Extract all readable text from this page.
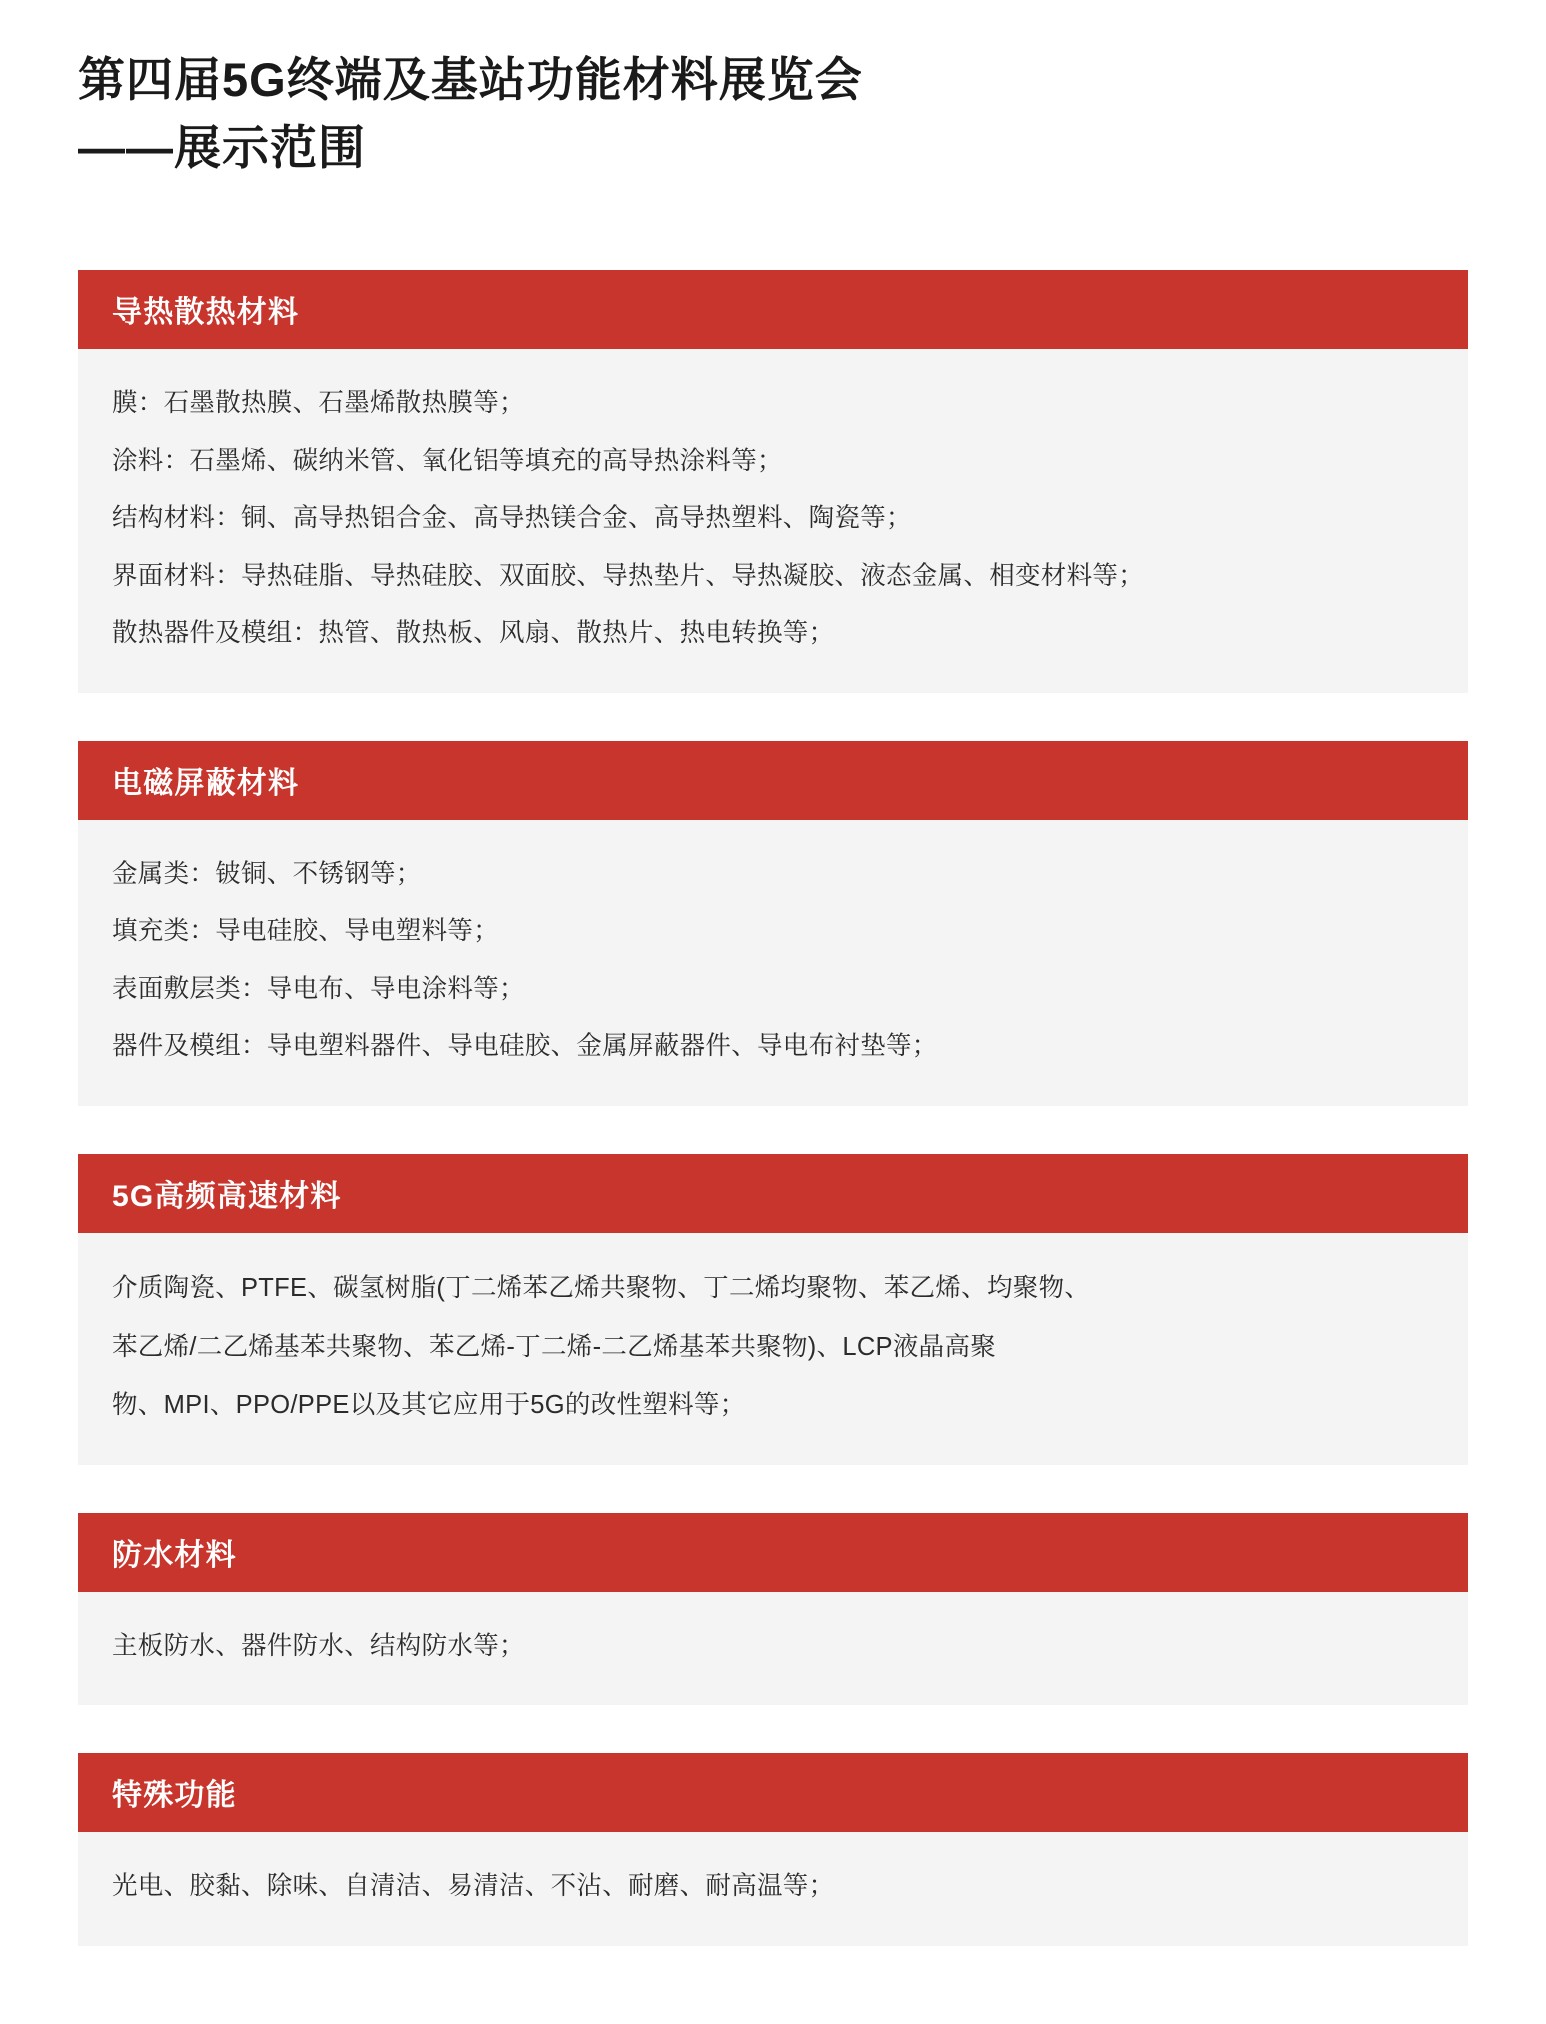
第四届5G终端及基站功能材料展览会
——展示范围
导热散热材料

膜：石墨散热膜、石墨烯散热膜等；

涂料：石墨烯、碳纳米管、氧化铝等填充的高导热涂料等；

结构材料：铜、高导热铝合金、高导热镁合金、高导热塑料、陶瓷等；

界面材料：导热硅脂、导热硅胶、双面胶、导热垫片、导热凝胶、液态金属、相变材料等；

散热器件及模组：热管、散热板、风扇、散热片、热电转换等；

电磁屏蔽材料

金属类：铍铜、不锈钢等；

填充类：导电硅胶、导电塑料等；

表面敷层类：导电布、导电涂料等；

器件及模组：导电塑料器件、导电硅胶、金属屏蔽器件、导电布衬垫等；

5G高频高速材料

介质陶瓷、PTFE、碳氢树脂(丁二烯苯乙烯共聚物、丁二烯均聚物、苯乙烯、均聚物、

苯乙烯/二乙烯基苯共聚物、苯乙烯-丁二烯-二乙烯基苯共聚物)、LCP液晶高聚

物、MPI、PPO/PPE以及其它应用于5G的改性塑料等；

防水材料

主板防水、器件防水、结构防水等；

特殊功能

光电、胶黏、除味、自清洁、易清洁、不沾、耐磨、耐高温等；
